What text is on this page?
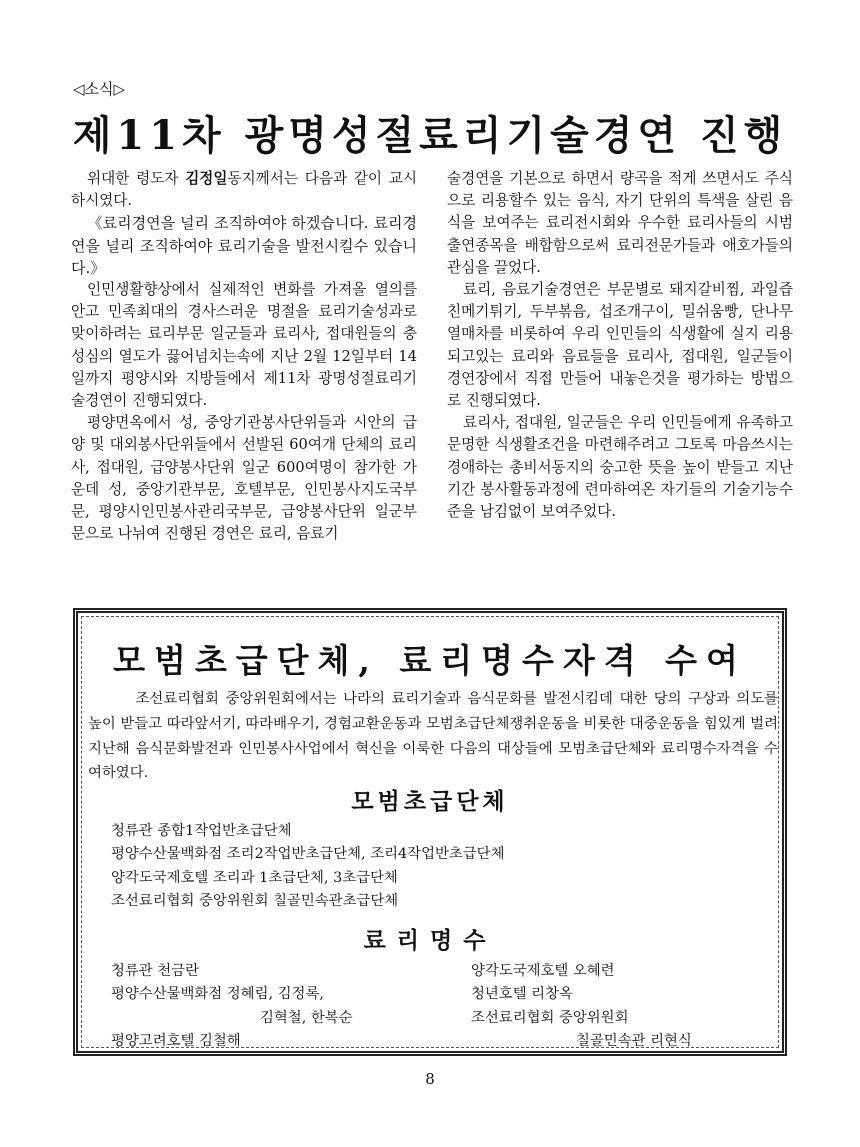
◁소식▷
제11차 광명성절료리기술경연 진행

위대한 령도자 김정일동지께서는 다음과 같이 교시하시였다.

《료리경연을 널리 조직하여야 하겠습니다. 료리경연을 널리 조직하여야 료리기술을 발전시킬수 있습니다.》

인민생활향상에서 실제적인 변화를 가져올 열의를 안고 민족최대의 경사스러운 명절을 료리기술성과로 맞이하려는 료리부문 일군들과 료리사, 접대원들의 충성심의 열도가 끓어넘치는속에 지난 2월 12일부터 14일까지 평양시와 지방들에서 제11차 광명성절료리기술경연이 진행되였다.

평양면옥에서 성, 중앙기관봉사단위들과 시안의 급양 및 대외봉사단위들에서 선발된 60여개 단체의 료리사, 접대원, 급양봉사단위 일군 600여명이 참가한 가운데 성, 중앙기관부문, 호텔부문, 인민봉사지도국부문, 평양시인민봉사관리국부문, 급양봉사단위 일군부문으로 나뉘여 진행된 경연은 료리, 음료기

술경연을 기본으로 하면서 량곡을 적게 쓰면서도 주식으로 리용할수 있는 음식, 자기 단위의 특색을 살린 음식을 보여주는 료리전시회와 우수한 료리사들의 시범출연종목을 배합함으로써 료리전문가들과 애호가들의 관심을 끌었다.

료리, 음료기술경연은 부문별로 돼지갈비찜, 과일즙친메기튀기, 두부볶음, 섭조개구이, 밀쉬움빵, 단나무열매차를 비롯하여 우리 인민들의 식생활에 실지 리용되고있는 료리와 음료들을 료리사, 접대원, 일군들이 경연장에서 직접 만들어 내놓은것을 평가하는 방법으로 진행되였다.

료리사, 접대원, 일군들은 우리 인민들에게 유족하고 문명한 식생활조건을 마련해주려고 그토록 마음쓰시는 경애하는 총비서동지의 숭고한 뜻을 높이 받들고 지난 기간 봉사활동과정에 련마하여온 자기들의 기술기능수준을 남김없이 보여주었다.

모범초급단체, 료리명수자격 수여
조선료리협회 중앙위원회에서는 나라의 료리기술과 음식문화를 발전시킴데 대한 당의 구상과 의도를 높이 받들고 따라앞서기, 따라배우기, 경험교환운동과 모범초급단체쟁취운동을 비롯한 대중운동을 힘있게 벌려 지난해 음식문화발전과 인민봉사사업에서 혁신을 이룩한 다음의 대상들에 모범초급단체와 료리명수자격을 수여하였다.
모범초급단체
청류관 종합1작업반초급단체
평양수산물백화점 조리2작업반초급단체, 조리4작업반초급단체
양각도국제호텔 조리과 1초급단체, 3초급단체
조선료리협회 중앙위원회 칠골민속관초급단체
료리명수
청류관 천금란
평양수산물백화점 정혜림, 김정록,
김혁철, 한복순
평양고려호텔 김철해
양각도국제호텔 오혜련
청년호텔 리창옥
조선료리협회 중앙위원회
칠골민속관 리현식
8
